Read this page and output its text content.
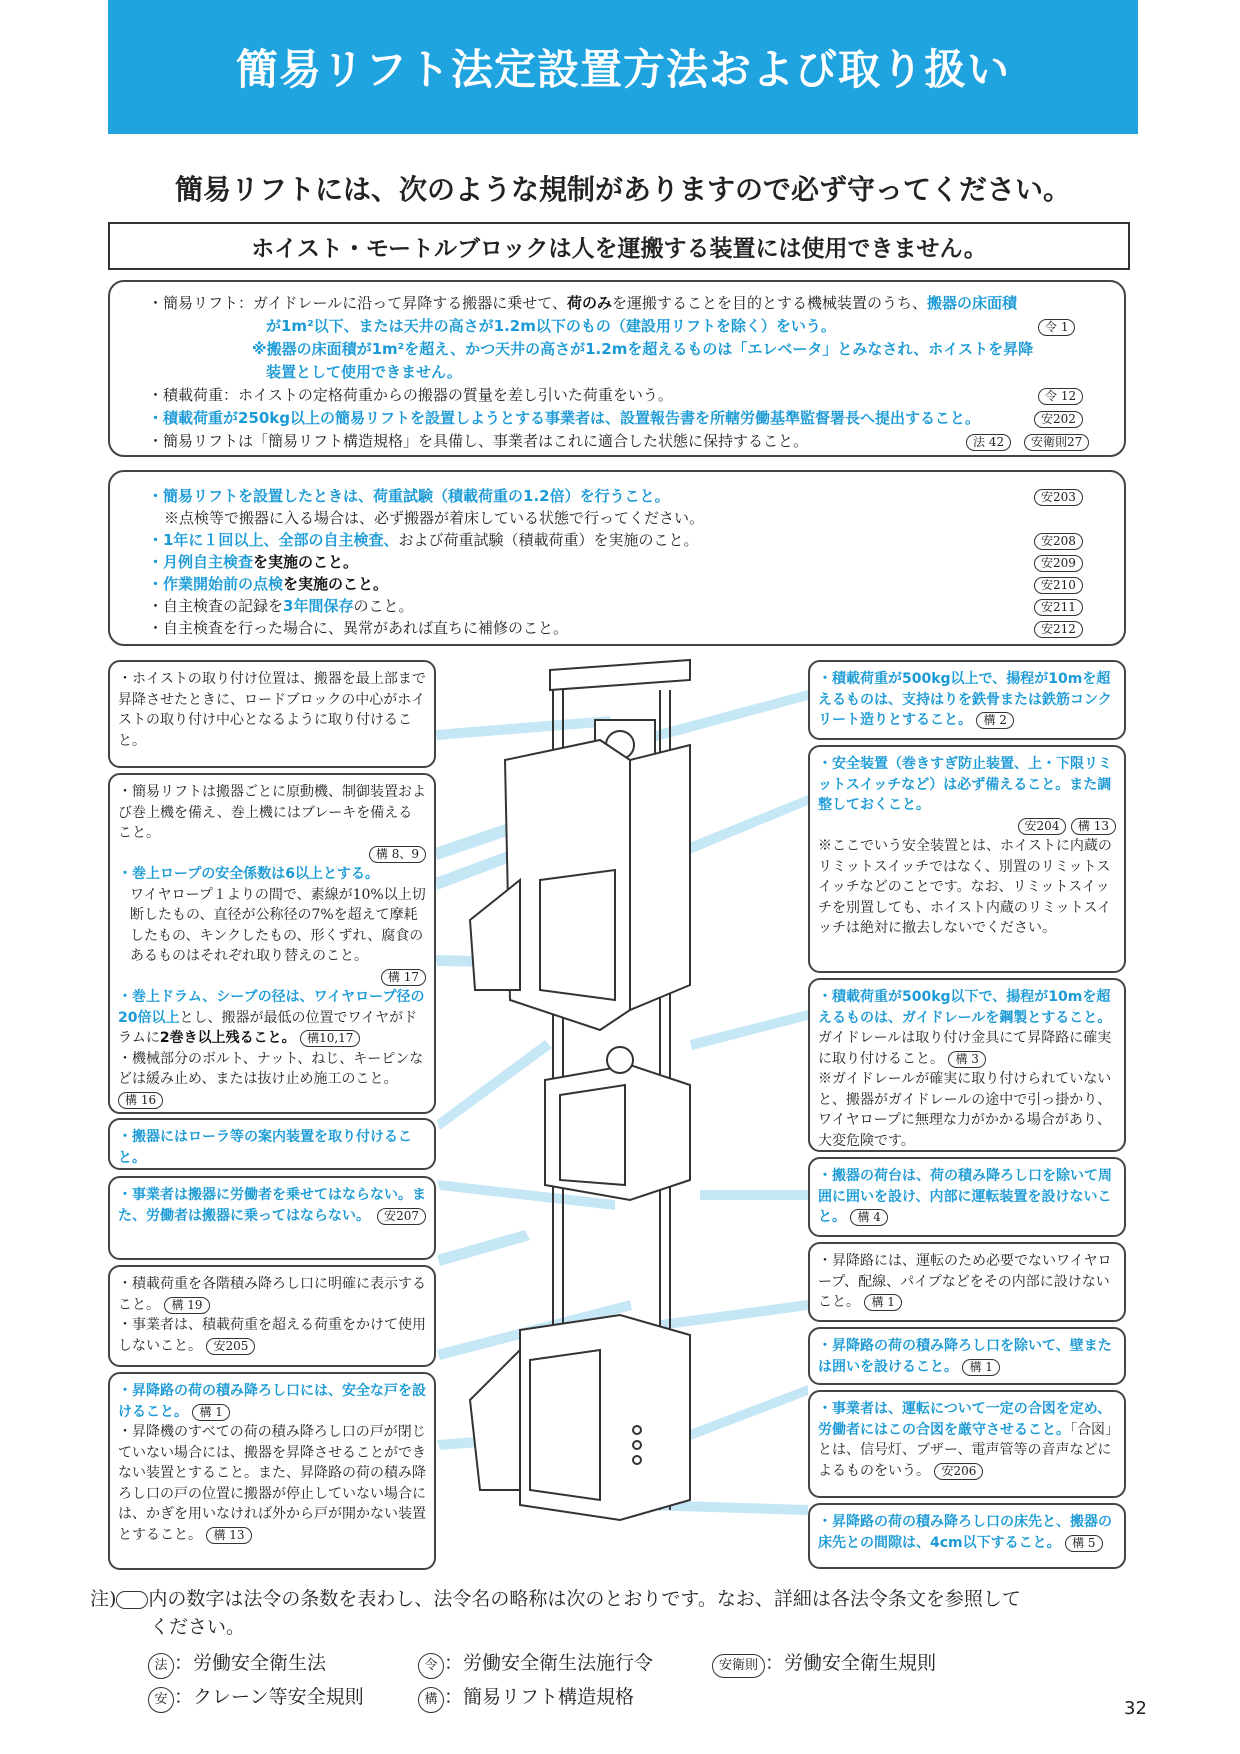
簡易リフト法定設置方法および取り扱い
簡易リフトには、次のような規制がありますので必ず守ってください。
ホイスト・モートルブロックは人を運搬する装置には使用できません。
・簡易リフト：ガイドレールに沿って昇降する搬器に乗せて、荷のみを運搬することを目的とする機械装置のうち、搬器の床面積
が1m²以下、または天井の高さが1.2m以下のもの（建設用リフトを除く）をいう。	令 1
※搬器の床面積が1m²を超え、かつ天井の高さが1.2mを超えるものは「エレベータ」とみなされ、ホイストを昇降
装置として使用できません。
・積載荷重：ホイストの定格荷重からの搬器の質量を差し引いた荷重をいう。	令 12
・積載荷重が250kg以上の簡易リフトを設置しようとする事業者は、設置報告書を所轄労働基準監督署長へ提出すること。	安202
・簡易リフトは「簡易リフト構造規格」を具備し、事業者はこれに適合した状態に保持すること。	法 42	安衛則27
・簡易リフトを設置したときは、荷重試験（積載荷重の1.2倍）を行うこと。	安203
※点検等で搬器に入る場合は、必ず搬器が着床している状態で行ってください。
・1年に１回以上、全部の自主検査、および荷重試験（積載荷重）を実施のこと。	安208
・月例自主検査を実施のこと。	安209
・作業開始前の点検を実施のこと。	安210
・自主検査の記録を3年間保存のこと。	安211
・自主検査を行った場合に、異常があれば直ちに補修のこと。	安212

・ホイストの取り付け位置は、搬器を最上部まで昇降させたときに、ロードブロックの中心がホイストの取り付け中心となるように取り付けること。

・簡易リフトは搬器ごとに原動機、制御装置および巻上機を備え、巻上機にはブレーキを備えること。

構 8、9

・巻上ロープの安全係数は6以上とする。

ワイヤロープ１よりの間で、素線が10%以上切断したもの、直径が公称径の7%を超えて摩耗したもの、キンクしたもの、形くずれ、腐食のあるものはそれぞれ取り替えのこと。

構 17

・巻上ドラム、シーブの径は、ワイヤロープ径の20倍以上とし、搬器が最低の位置でワイヤがドラムに2巻き以上残ること。 構10,17

・機械部分のボルト、ナット、ねじ、キーピンなどは緩み止め、または抜け止め施工のこと。 構 16

・搬器にはローラ等の案内装置を取り付けること。

・事業者は搬器に労働者を乗せてはならない。また、労働者は搬器に乗ってはならない。	安207

・積載荷重を各階積み降ろし口に明確に表示すること。 構 19

・事業者は、積載荷重を超える荷重をかけて使用しないこと。 安205

・昇降路の荷の積み降ろし口には、安全な戸を設けること。 構 1

・昇降機のすべての荷の積み降ろし口の戸が閉じていない場合には、搬器を昇降させることができない装置とすること。また、昇降路の荷の積み降ろし口の戸の位置に搬器が停止していない場合には、かぎを用いなければ外から戸が開かない装置とすること。 構 13

・積載荷重が500kg以上で、揚程が10mを超えるものは、支持はりを鉄骨または鉄筋コンクリート造りとすること。 構 2

・安全装置（巻きすぎ防止装置、上・下限リミットスイッチなど）は必ず備えること。また調整しておくこと。

安204 構 13

※ここでいう安全装置とは、ホイストに内蔵のリミットスイッチではなく、別置のリミットスイッチなどのことです。なお、リミットスイッチを別置しても、ホイスト内蔵のリミットスイッチは絶対に撤去しないでください。

・積載荷重が500kg以下で、揚程が10mを超えるものは、ガイドレールを鋼製とすること。ガイドレールは取り付け金具にて昇降路に確実に取り付けること。 構 3

※ガイドレールが確実に取り付けられていないと、搬器がガイドレールの途中で引っ掛かり、ワイヤロープに無理な力がかかる場合があり、大変危険です。

・搬器の荷台は、荷の積み降ろし口を除いて周囲に囲いを設け、内部に運転装置を設けないこと。 構 4

・昇降路には、運転のため必要でないワイヤロープ、配線、パイプなどをその内部に設けないこと。 構 1

・昇降路の荷の積み降ろし口を除いて、壁または囲いを設けること。 構 1

・事業者は、運転について一定の合図を定め、労働者にはこの合図を厳守させること。「合図」とは、信号灯、ブザー、電声管等の音声などによるものをいう。 安206

・昇降路の荷の積み降ろし口の床先と、搬器の床先との間隙は、4cm以下すること。 構 5

注) 内の数字は法令の条数を表わし、法令名の略称は次のとおりです。なお、詳細は各法令条文を参照して
ください。
法 ：労働安全衛生法	令 ：労働安全衛生法施行令	安衛則 ：労働安全衛生規則
安 ：クレーン等安全規則	構 ：簡易リフト構造規格
32
